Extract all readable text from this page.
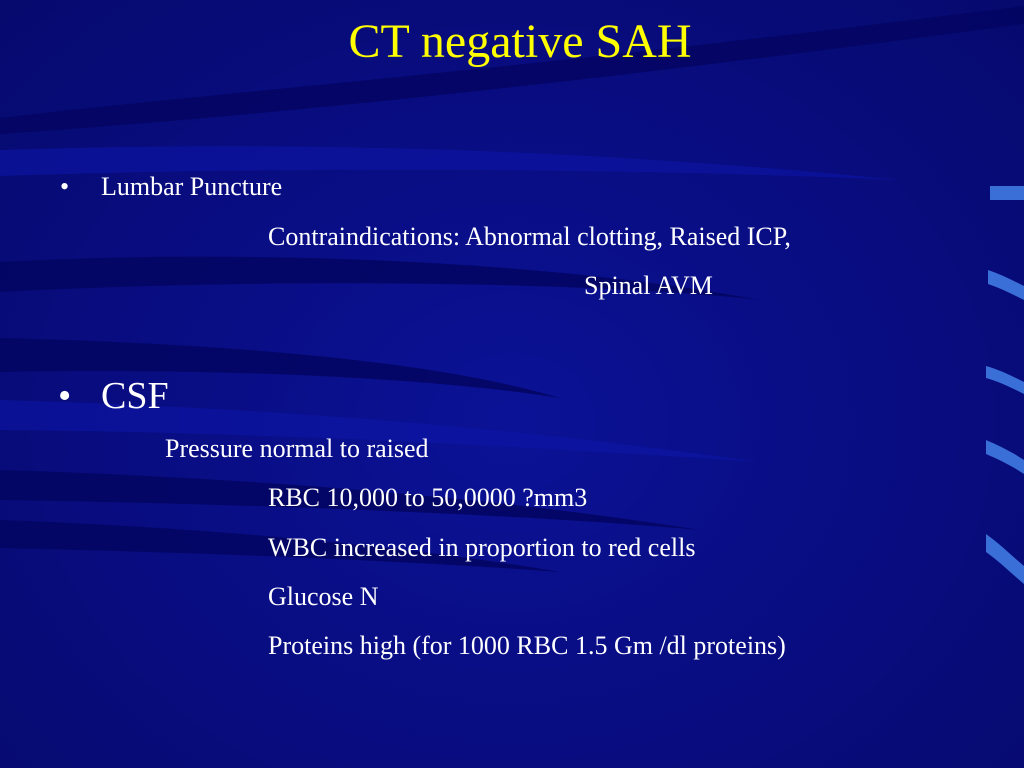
CT negative SAH
• Lumbar Puncture
Contraindications: Abnormal clotting, Raised ICP,
Spinal AVM
• CSF
Pressure normal to raised
RBC 10,000 to 50,0000 ?mm3
WBC increased in proportion to red cells
Glucose N
Proteins high (for 1000 RBC 1.5 Gm /dl proteins)
